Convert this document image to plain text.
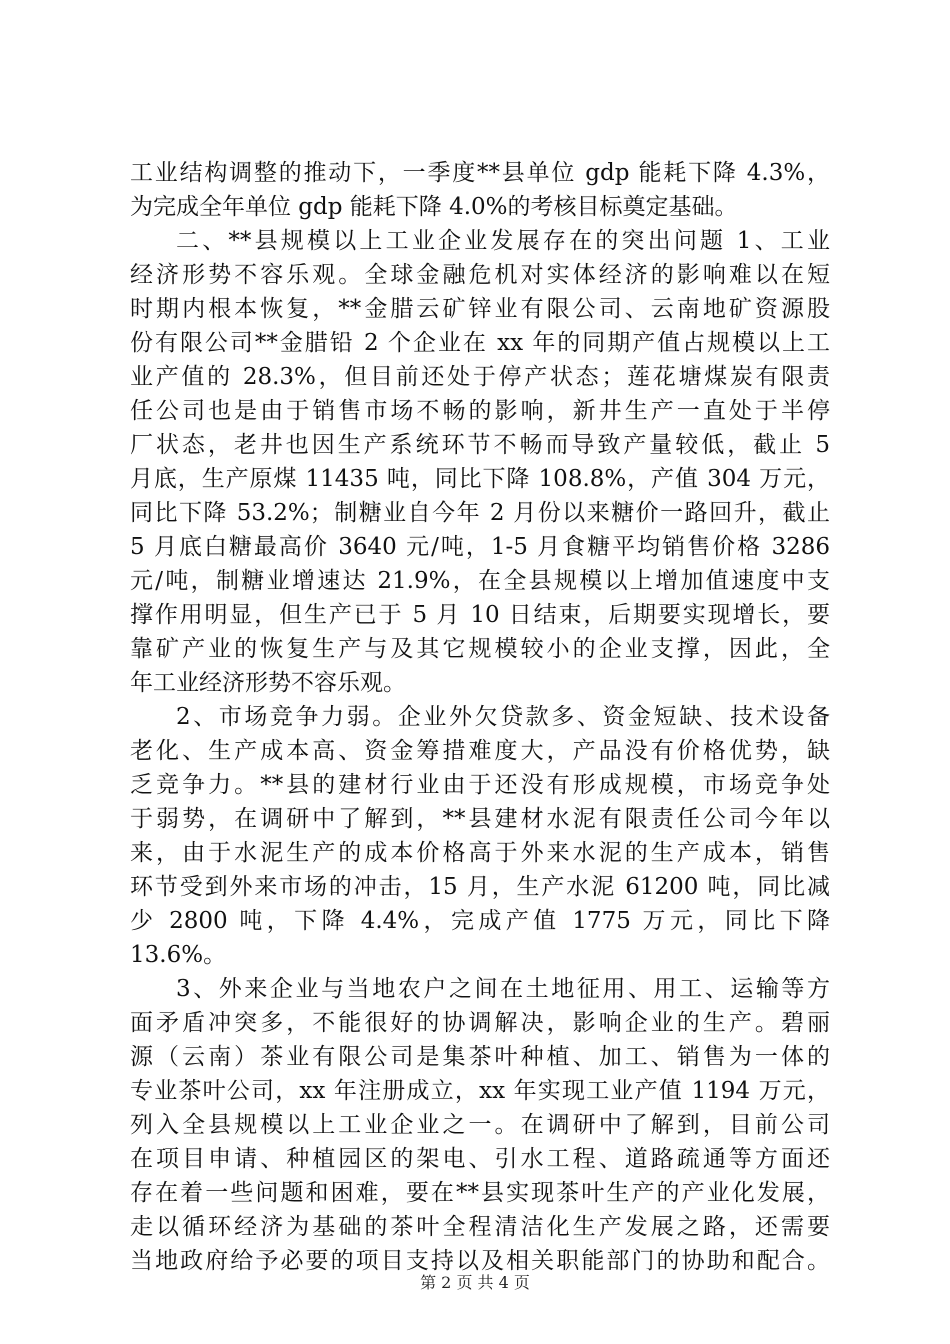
工业结构调整的推动下，一季度**县单位 gdp 能耗下降 4.3%，
为完成全年单位 gdp 能耗下降 4.0%的考核目标奠定基础。
二、**县规模以上工业企业发展存在的突出问题 1、工业
经济形势不容乐观。全球金融危机对实体经济的影响难以在短
时期内根本恢复，**金腊云矿锌业有限公司、云南地矿资源股
份有限公司**金腊铅 2 个企业在 xx 年的同期产值占规模以上工
业产值的 28.3%，但目前还处于停产状态；莲花塘煤炭有限责
任公司也是由于销售市场不畅的影响，新井生产一直处于半停
厂状态，老井也因生产系统环节不畅而导致产量较低，截止 5
月底，生产原煤 11435 吨，同比下降 108.8%，产值 304 万元，
同比下降 53.2%；制糖业自今年 2 月份以来糖价一路回升，截止
5 月底白糖最高价 3640 元/吨，1-5 月食糖平均销售价格 3286
元/吨，制糖业增速达 21.9%，在全县规模以上增加值速度中支
撑作用明显，但生产已于 5 月 10 日结束，后期要实现增长，要
靠矿产业的恢复生产与及其它规模较小的企业支撑，因此，全
年工业经济形势不容乐观。
2、市场竞争力弱。企业外欠贷款多、资金短缺、技术设备
老化、生产成本高、资金筹措难度大，产品没有价格优势，缺
乏竞争力。**县的建材行业由于还没有形成规模，市场竞争处
于弱势，在调研中了解到，**县建材水泥有限责任公司今年以
来，由于水泥生产的成本价格高于外来水泥的生产成本，销售
环节受到外来市场的冲击，15 月，生产水泥 61200 吨，同比减
少 2800 吨，下降 4.4%，完成产值 1775 万元，同比下降
13.6%。
3、外来企业与当地农户之间在土地征用、用工、运输等方
面矛盾冲突多，不能很好的协调解决，影响企业的生产。碧丽
源（云南）茶业有限公司是集茶叶种植、加工、销售为一体的
专业茶叶公司，xx 年注册成立，xx 年实现工业产值 1194 万元，
列入全县规模以上工业企业之一。在调研中了解到，目前公司
在项目申请、种植园区的架电、引水工程、道路疏通等方面还
存在着一些问题和困难，要在**县实现茶叶生产的产业化发展，
走以循环经济为基础的茶叶全程清洁化生产发展之路，还需要
当地政府给予必要的项目支持以及相关职能部门的协助和配合。
第 2 页 共 4 页
